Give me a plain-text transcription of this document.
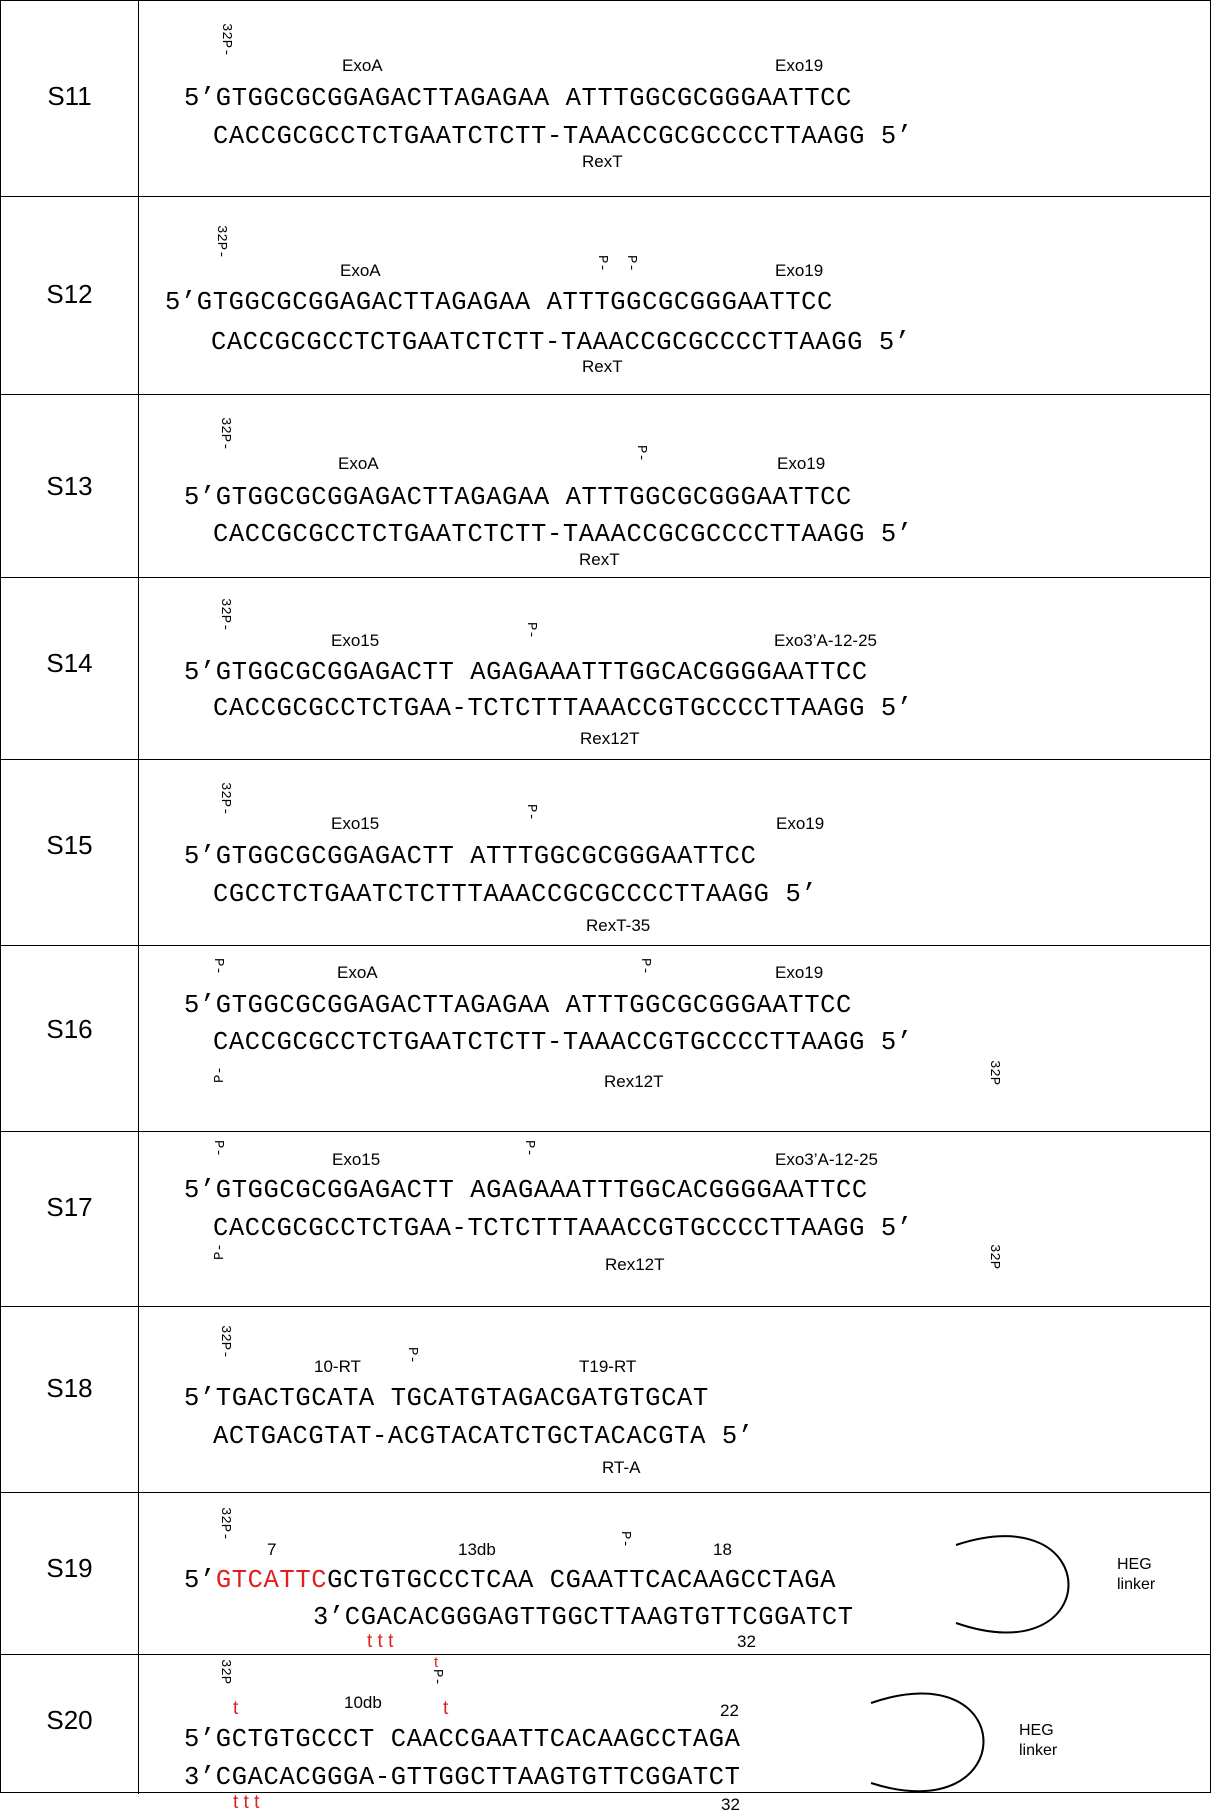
S11
32P-
ExoA	Exo19
5’GTGGCGCGGAGACTTAGAGAA ATTTGGCGCGGGAATTCC
CACCGCGCCTCTGAATCTCTT-TAAACCGCGCCCCTTAAGG 5’
RexT
S12
32P-
P- P-
ExoA	Exo19
5’GTGGCGCGGAGACTTAGAGAA ATTTGGCGCGGGAATTCC
CACCGCGCCTCTGAATCTCTT-TAAACCGCGCCCCTTAAGG 5’
RexT
S13
32P-
P-
ExoA	Exo19
5’GTGGCGCGGAGACTTAGAGAA ATTTGGCGCGGGAATTCC
CACCGCGCCTCTGAATCTCTT-TAAACCGCGCCCCTTAAGG 5’
RexT
S14
32P-	P-
Exo15	Exo3’A-12-25
5’GTGGCGCGGAGACTT AGAGAAATTTGGCACGGGGAATTCC
CACCGCGCCTCTGAA-TCTCTTTAAACCGTGCCCCTTAAGG 5’
Rex12T
S15
32P-	P-
Exo15	Exo19
5’GTGGCGCGGAGACTT ATTTGGCGCGGGAATTCC
CGCCTCTGAATCTCTTTAAACCGCGCCCCTTAAGG 5’
RexT-35
S16
P-	P-
ExoA	Exo19
5’GTGGCGCGGAGACTTAGAGAA ATTTGGCGCGGGAATTCC
CACCGCGCCTCTGAATCTCTT-TAAACCGTGCCCCTTAAGG 5’
P-	Rex12T	32P
S17
P-	P-
Exo15	Exo3’A-12-25
5’GTGGCGCGGAGACTT AGAGAAATTTGGCACGGGGAATTCC
CACCGCGCCTCTGAA-TCTCTTTAAACCGTGCCCCTTAAGG 5’
P-
Rex12T	32P
S18
32P-	P-
10-RT	T19-RT
5’TGACTGCATA TGCATGTAGACGATGTGCAT
ACTGACGTAT-ACGTACATCTGCTACACGTA 5’
RT-A
S19
32P-	P-
7	13db	18
5’GTCATTCGCTGTGCCCTCAA CGAATTCACAAGCCTAGA
3’CGACACGGGAGTTGGCTTAAGTGTTCGGATCT
t t t	32
HEG
linker
S20
32P
t
P-
t
t
10db	22
5’GCTGTGCCCT CAACCGAATTCACAAGCCTAGA
3’CGACACGGGA-GTTGGCTTAAGTGTTCGGATCT
t t t	32
HEG
linker
